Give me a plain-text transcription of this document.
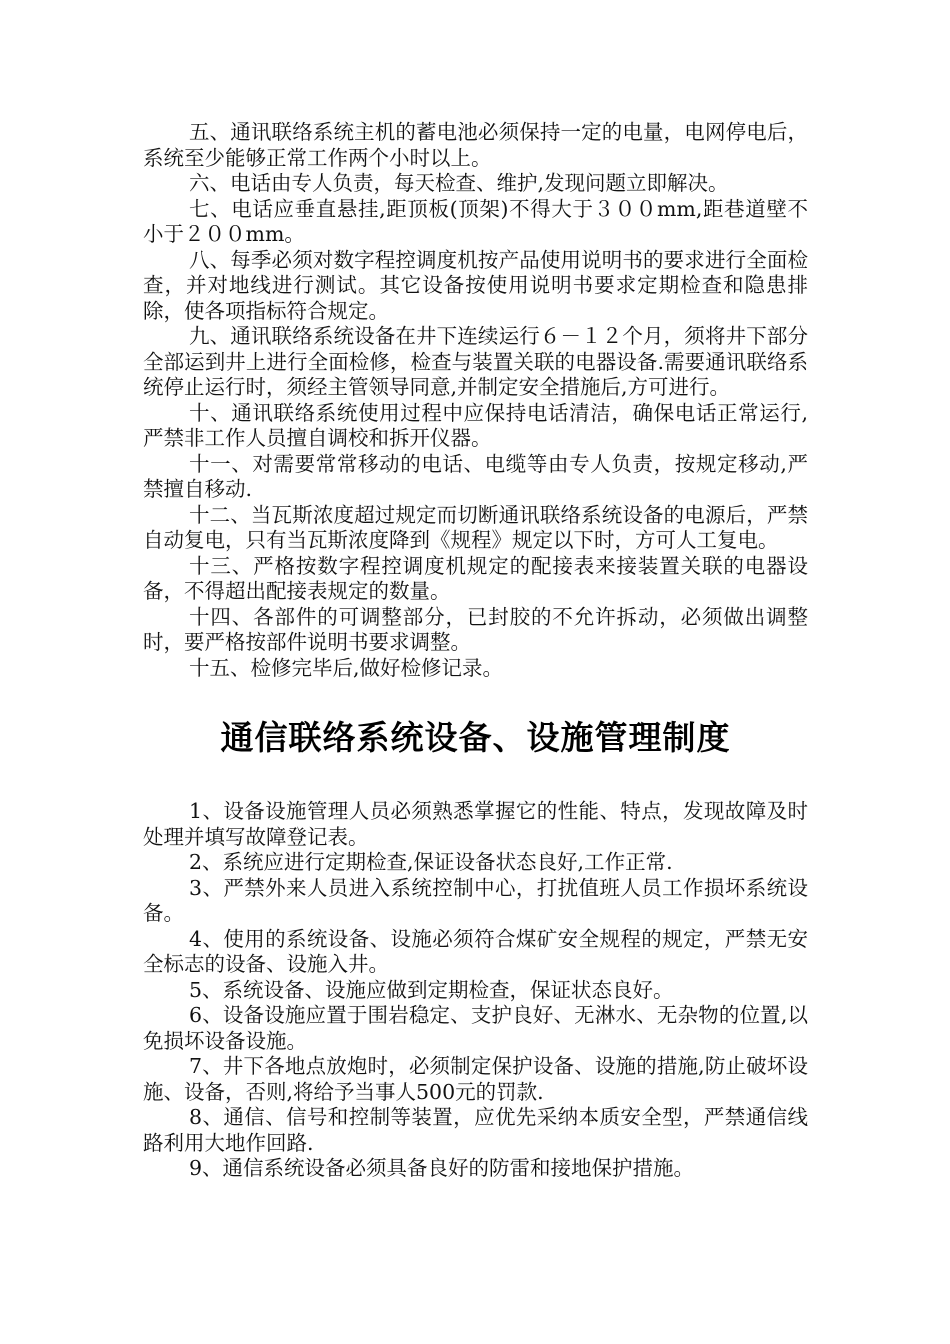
五、通讯联络系统主机的蓄电池必须保持一定的电量，电网停电后，系统至少能够正常工作两个小时以上。

六、电话由专人负责，每天检查、维护,发现问题立即解决。

七、电话应垂直悬挂,距顶板(顶架)不得大于３００mm,距巷道壁不小于２００mm。

八、每季必须对数字程控调度机按产品使用说明书的要求进行全面检查，并对地线进行测试。其它设备按使用说明书要求定期检查和隐患排除，使各项指标符合规定。

九、通讯联络系统设备在井下连续运行６－１２个月，须将井下部分全部运到井上进行全面检修，检查与装置关联的电器设备.需要通讯联络系统停止运行时，须经主管领导同意,并制定安全措施后,方可进行。

十、通讯联络系统使用过程中应保持电话清洁，确保电话正常运行,严禁非工作人员擅自调校和拆开仪器。

十一、对需要常常移动的电话、电缆等由专人负责，按规定移动,严禁擅自移动.

十二、当瓦斯浓度超过规定而切断通讯联络系统设备的电源后，严禁自动复电，只有当瓦斯浓度降到《规程》规定以下时，方可人工复电。

十三、严格按数字程控调度机规定的配接表来接装置关联的电器设备，不得超出配接表规定的数量。

十四、各部件的可调整部分，已封胶的不允许拆动，必须做出调整时，要严格按部件说明书要求调整。

十五、检修完毕后,做好检修记录。

通信联络系统设备、设施管理制度

1、设备设施管理人员必须熟悉掌握它的性能、特点，发现故障及时处理并填写故障登记表。

2、系统应进行定期检查,保证设备状态良好,工作正常.

3、严禁外来人员进入系统控制中心，打扰值班人员工作损坏系统设备。

4、使用的系统设备、设施必须符合煤矿安全规程的规定，严禁无安全标志的设备、设施入井。

5、系统设备、设施应做到定期检查，保证状态良好。

6、设备设施应置于围岩稳定、支护良好、无淋水、无杂物的位置,以免损坏设备设施。

7、井下各地点放炮时，必须制定保护设备、设施的措施,防止破坏设施、设备，否则,将给予当事人500元的罚款.

8、通信、信号和控制等装置，应优先采纳本质安全型，严禁通信线路利用大地作回路.

9、通信系统设备必须具备良好的防雷和接地保护措施。
